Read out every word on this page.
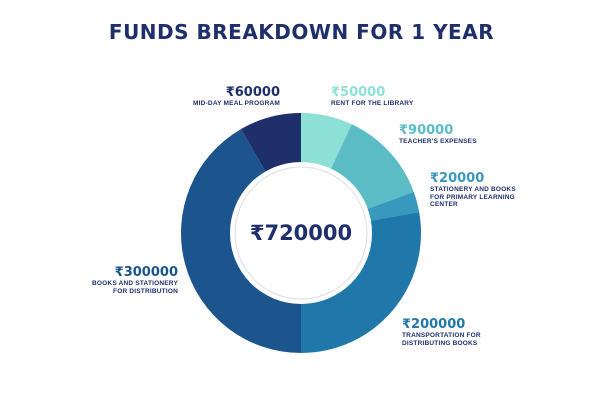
FUNDS BREAKDOWN FOR 1 YEAR
₹720000
₹50000
RENT FOR THE LIBRARY
₹90000
TEACHER'S EXPENSES
₹20000
STATIONERY AND BOOKS FOR PRIMARY LEARNING CENTER
₹200000
TRANSPORTATION FOR DISTRIBUTING BOOKS
₹300000
BOOKS AND STATIONERY FOR DISTRIBUTION
₹60000
MID-DAY MEAL PROGRAM
